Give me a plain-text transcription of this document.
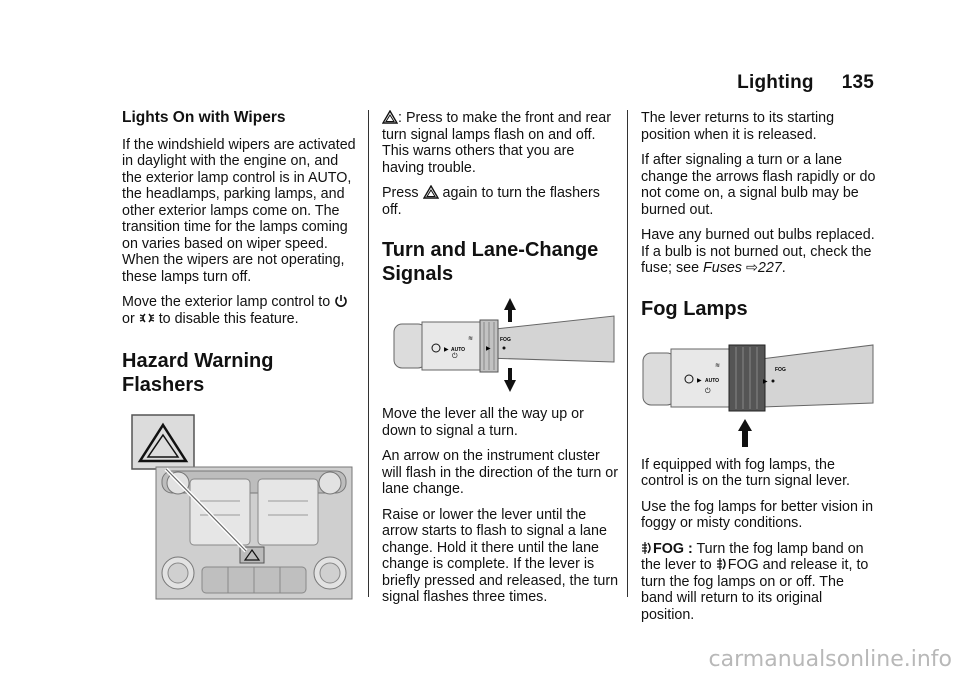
Lighting 135
Lights On with Wipers

If the windshield wipers are activated in daylight with the engine on, and the exterior lamp control is in AUTO, the headlamps, parking lamps, and other exterior lamps come on. The transition time for the lamps coming on varies based on wiper speed. When the wipers are not operating, these lamps turn off.

Move the exterior lamp control to
or to disable this feature.

Hazard Warning Flashers

: Press to make the front and rear turn signal lamps flash on and off. This warns others that you are having trouble.

Press again to turn the flashers off.

Turn and Lane-Change Signals
▶ AUTO
≋
⏻
▶
FOG

Move the lever all the way up or down to signal a turn.

An arrow on the instrument cluster will flash in the direction of the turn or lane change.

Raise or lower the lever until the arrow starts to flash to signal a lane change. Hold it there until the lane change is complete. If the lever is briefly pressed and released, the turn signal flashes three times.

The lever returns to its starting position when it is released.

If after signaling a turn or a lane change the arrows flash rapidly or do not come on, a signal bulb may be burned out.

Have any burned out bulbs replaced. If a bulb is not burned out, check the fuse; see Fuses ⇨227.

Fog Lamps
▶ AUTO
≋
⏻
▶
FOG

If equipped with fog lamps, the control is on the turn signal lever.

Use the fog lamps for better vision in foggy or misty conditions.

FOG : Turn the fog lamp band on the lever to FOG and release it, to turn the fog lamps on or off. The band will return to its original position.

carmanualsonline.info
